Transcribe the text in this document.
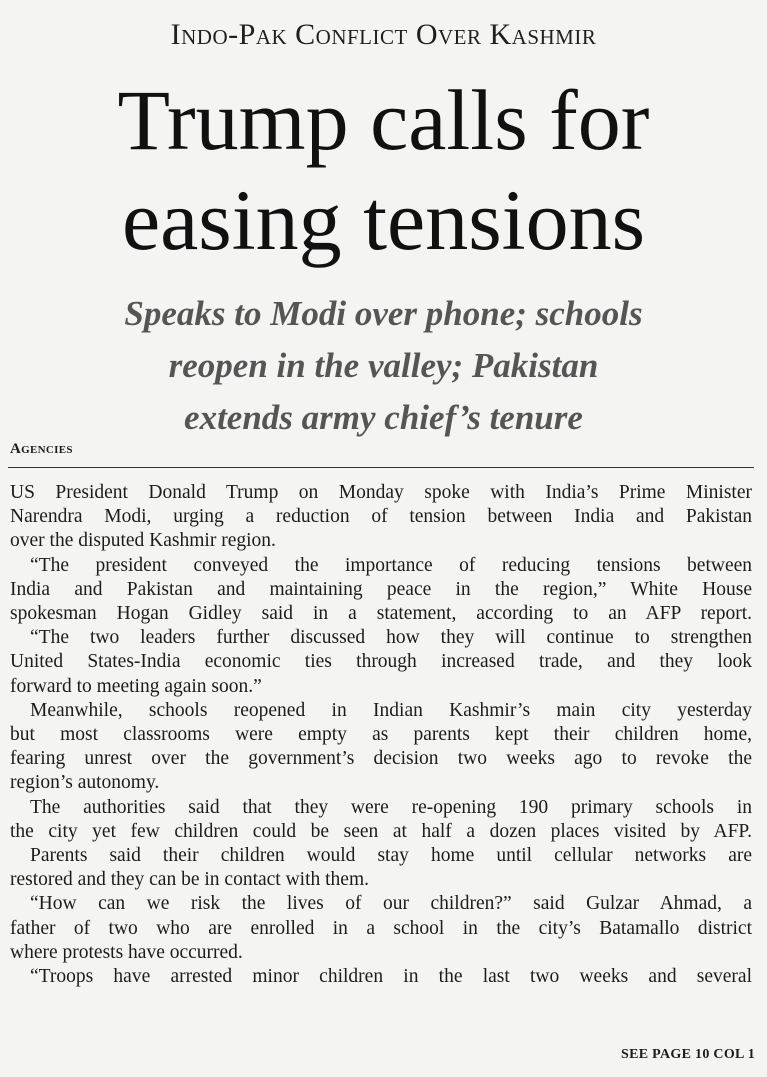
Indo-Pak Conflict Over Kashmir
Trump calls for
easing tensions
Speaks to Modi over phone; schools
reopen in the valley; Pakistan
extends army chief’s tenure
Agencies
US President Donald Trump on Monday spoke with India’s Prime Minister
Narendra Modi, urging a reduction of tension between India and Pakistan
over the disputed Kashmir region.
“The president conveyed the importance of reducing tensions between
India and Pakistan and maintaining peace in the region,” White House
spokesman Hogan Gidley said in a statement, according to an AFP report.
“The two leaders further discussed how they will continue to strengthen
United States-India economic ties through increased trade, and they look
forward to meeting again soon.”
Meanwhile, schools reopened in Indian Kashmir’s main city yesterday
but most classrooms were empty as parents kept their children home,
fearing unrest over the government’s decision two weeks ago to revoke the
region’s autonomy.
The authorities said that they were re-opening 190 primary schools in
the city yet few children could be seen at half a dozen places visited by AFP.
Parents said their children would stay home until cellular networks are
restored and they can be in contact with them.
“How can we risk the lives of our children?” said Gulzar Ahmad, a
father of two who are enrolled in a school in the city’s Batamallo district
where protests have occurred.
“Troops have arrested minor children in the last two weeks and several
SEE PAGE 10 COL 1
